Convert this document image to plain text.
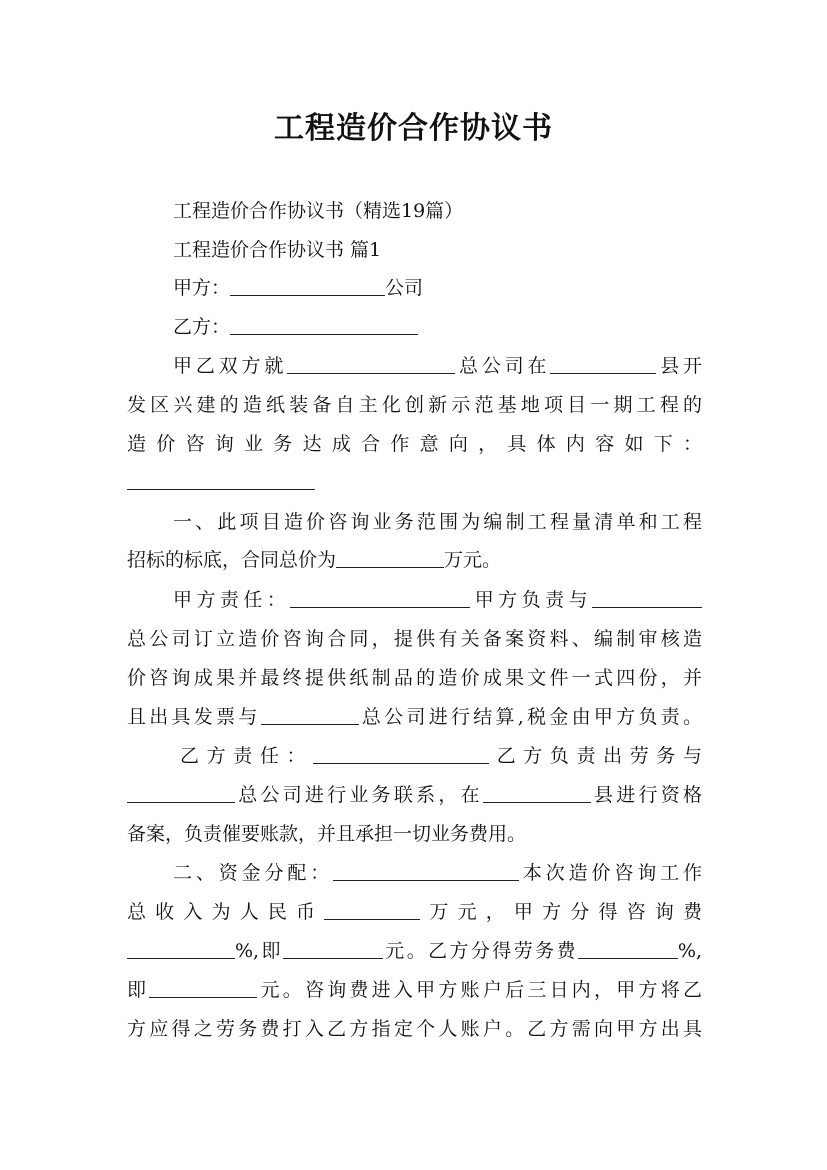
工程造价合作协议书
工程造价合作协议书（精选19篇）
工程造价合作协议书 篇1
甲方：	公司
乙方：
甲乙双方就	总公司在	县开
发区兴建的造纸装备自主化创新示范基地项目一期工程的
造价咨询业务达成合作意向，具体内容如下：
一、此项目造价咨询业务范围为编制工程量清单和工程
招标的标底，合同总价为	万元。
甲方责任：	甲方负责与
总公司订立造价咨询合同，提供有关备案资料、编制审核造
价咨询成果并最终提供纸制品的造价成果文件一式四份，并
且出具发票与	总公司进行结算,税金由甲方负责。
乙方责任：	乙方负责出劳务与
总公司进行业务联系，在	县进行资格
备案，负责催要账款，并且承担一切业务费用。
二、资金分配：	本次造价咨询工作
总收入为人民币	万元，甲方分得咨询费
%,即	元。乙方分得劳务费	%,
即	元。咨询费进入甲方账户后三日内，甲方将乙
方应得之劳务费打入乙方指定个人账户。乙方需向甲方出具
